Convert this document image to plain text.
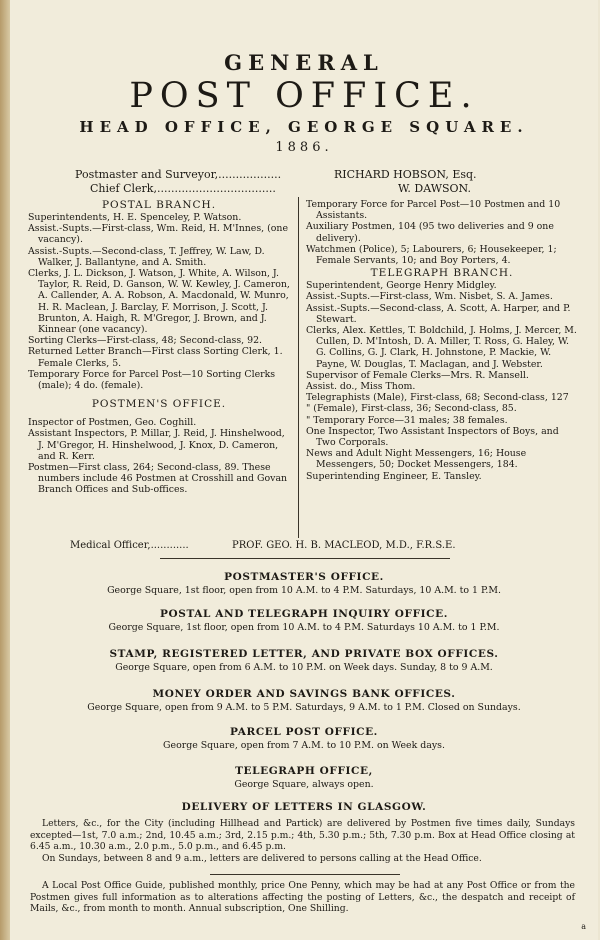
GENERAL
POST OFFICE.
HEAD OFFICE, GEORGE SQUARE.
1886.
Postmaster and Surveyor,..................	RICHARD HOBSON, Esq.
Chief Clerk,..................................	W. DAWSON.
POSTAL BRANCH.

Superintendents, H. E. Spenceley, P. Watson.

Assist.-Supts.—First-class, Wm. Reid, H. M'Innes, (one vacancy).

Assist.-Supts.—Second-class, T. Jeffrey, W. Law, D. Walker, J. Ballantyne, and A. Smith.

Clerks, J. L. Dickson, J. Watson, J. White, A. Wilson, J. Taylor, R. Reid, D. Ganson, W. W. Kewley, J. Cameron, A. Callender, A. A. Robson, A. Macdonald, W. Munro, H. R. Maclean, J. Barclay, F. Morrison, J. Scott, J. Brunton, A. Haigh, R. M'Gregor, J. Brown, and J. Kinnear (one vacancy).

Sorting Clerks—First-class, 48; Second-class, 92.

Returned Letter Branch—First class Sorting Clerk, 1. Female Clerks, 5.

Temporary Force for Parcel Post—10 Sorting Clerks (male); 4 do. (female).

POSTMEN'S OFFICE.

Inspector of Postmen, Geo. Coghill.

Assistant Inspectors, P. Millar, J. Reid, J. Hinshelwood, J. M'Gregor, H. Hinshelwood, J. Knox, D. Cameron, and R. Kerr.

Postmen—First class, 264; Second-class, 89. These numbers include 46 Postmen at Crosshill and Govan Branch Offices and Sub-offices.

Temporary Force for Parcel Post—10 Postmen and 10 Assistants.

Auxiliary Postmen, 104 (95 two deliveries and 9 one delivery).

Watchmen (Police), 5; Labourers, 6; Housekeeper, 1; Female Servants, 10; and Boy Porters, 4.

TELEGRAPH BRANCH.

Superintendent, George Henry Midgley.

Assist.-Supts.—First-class, Wm. Nisbet, S. A. James.

Assist.-Supts.—Second-class, A. Scott, A. Harper, and P. Stewart.

Clerks, Alex. Kettles, T. Boldchild, J. Holms, J. Mercer, M. Cullen, D. M'Intosh, D. A. Miller, T. Ross, G. Haley, W. G. Collins, G. J. Clark, H. Johnstone, P. Mackie, W. Payne, W. Douglas, T. Maclagan, and J. Webster.

Supervisor of Female Clerks—Mrs. R. Mansell.

Assist. do., Miss Thom.

Telegraphists (Male), First-class, 68; Second-class, 127

" (Female), First-class, 36; Second-class, 85.

" Temporary Force—31 males; 38 females.

One Inspector, Two Assistant Inspectors of Boys, and Two Corporals.

News and Adult Night Messengers, 16; House Messengers, 50; Docket Messengers, 184.

Superintending Engineer, E. Tansley.

Medical Officer,............	PROF. GEO. H. B. MACLEOD, M.D., F.R.S.E.
POSTMASTER'S OFFICE.
George Square, 1st floor, open from 10 A.M. to 4 P.M. Saturdays, 10 A.M. to 1 P.M.
POSTAL AND TELEGRAPH INQUIRY OFFICE.
George Square, 1st floor, open from 10 A.M. to 4 P.M. Saturdays 10 A.M. to 1 P.M.
STAMP, REGISTERED LETTER, AND PRIVATE BOX OFFICES.
George Square, open from 6 A.M. to 10 P.M. on Week days. Sunday, 8 to 9 A.M.
MONEY ORDER AND SAVINGS BANK OFFICES.
George Square, open from 9 A.M. to 5 P.M. Saturdays, 9 A.M. to 1 P.M. Closed on Sundays.
PARCEL POST OFFICE.
George Square, open from 7 A.M. to 10 P.M. on Week days.
TELEGRAPH OFFICE,
George Square, always open.
DELIVERY OF LETTERS IN GLASGOW.

Letters, &c., for the City (including Hillhead and Partick) are delivered by Postmen five times daily, Sundays excepted—1st, 7.0 a.m.; 2nd, 10.45 a.m.; 3rd, 2.15 p.m.; 4th, 5.30 p.m.; 5th, 7.30 p.m. Box at Head Office closing at 6.45 a.m., 10.30 a.m., 2.0 p.m., 5.0 p.m., and 6.45 p.m.

On Sundays, between 8 and 9 a.m., letters are delivered to persons calling at the Head Office.

A Local Post Office Guide, published monthly, price One Penny, which may be had at any Post Office or from the Postmen gives full information as to alterations affecting the posting of Letters, &c., the despatch and receipt of Mails, &c., from month to month. Annual subscription, One Shilling.

a
